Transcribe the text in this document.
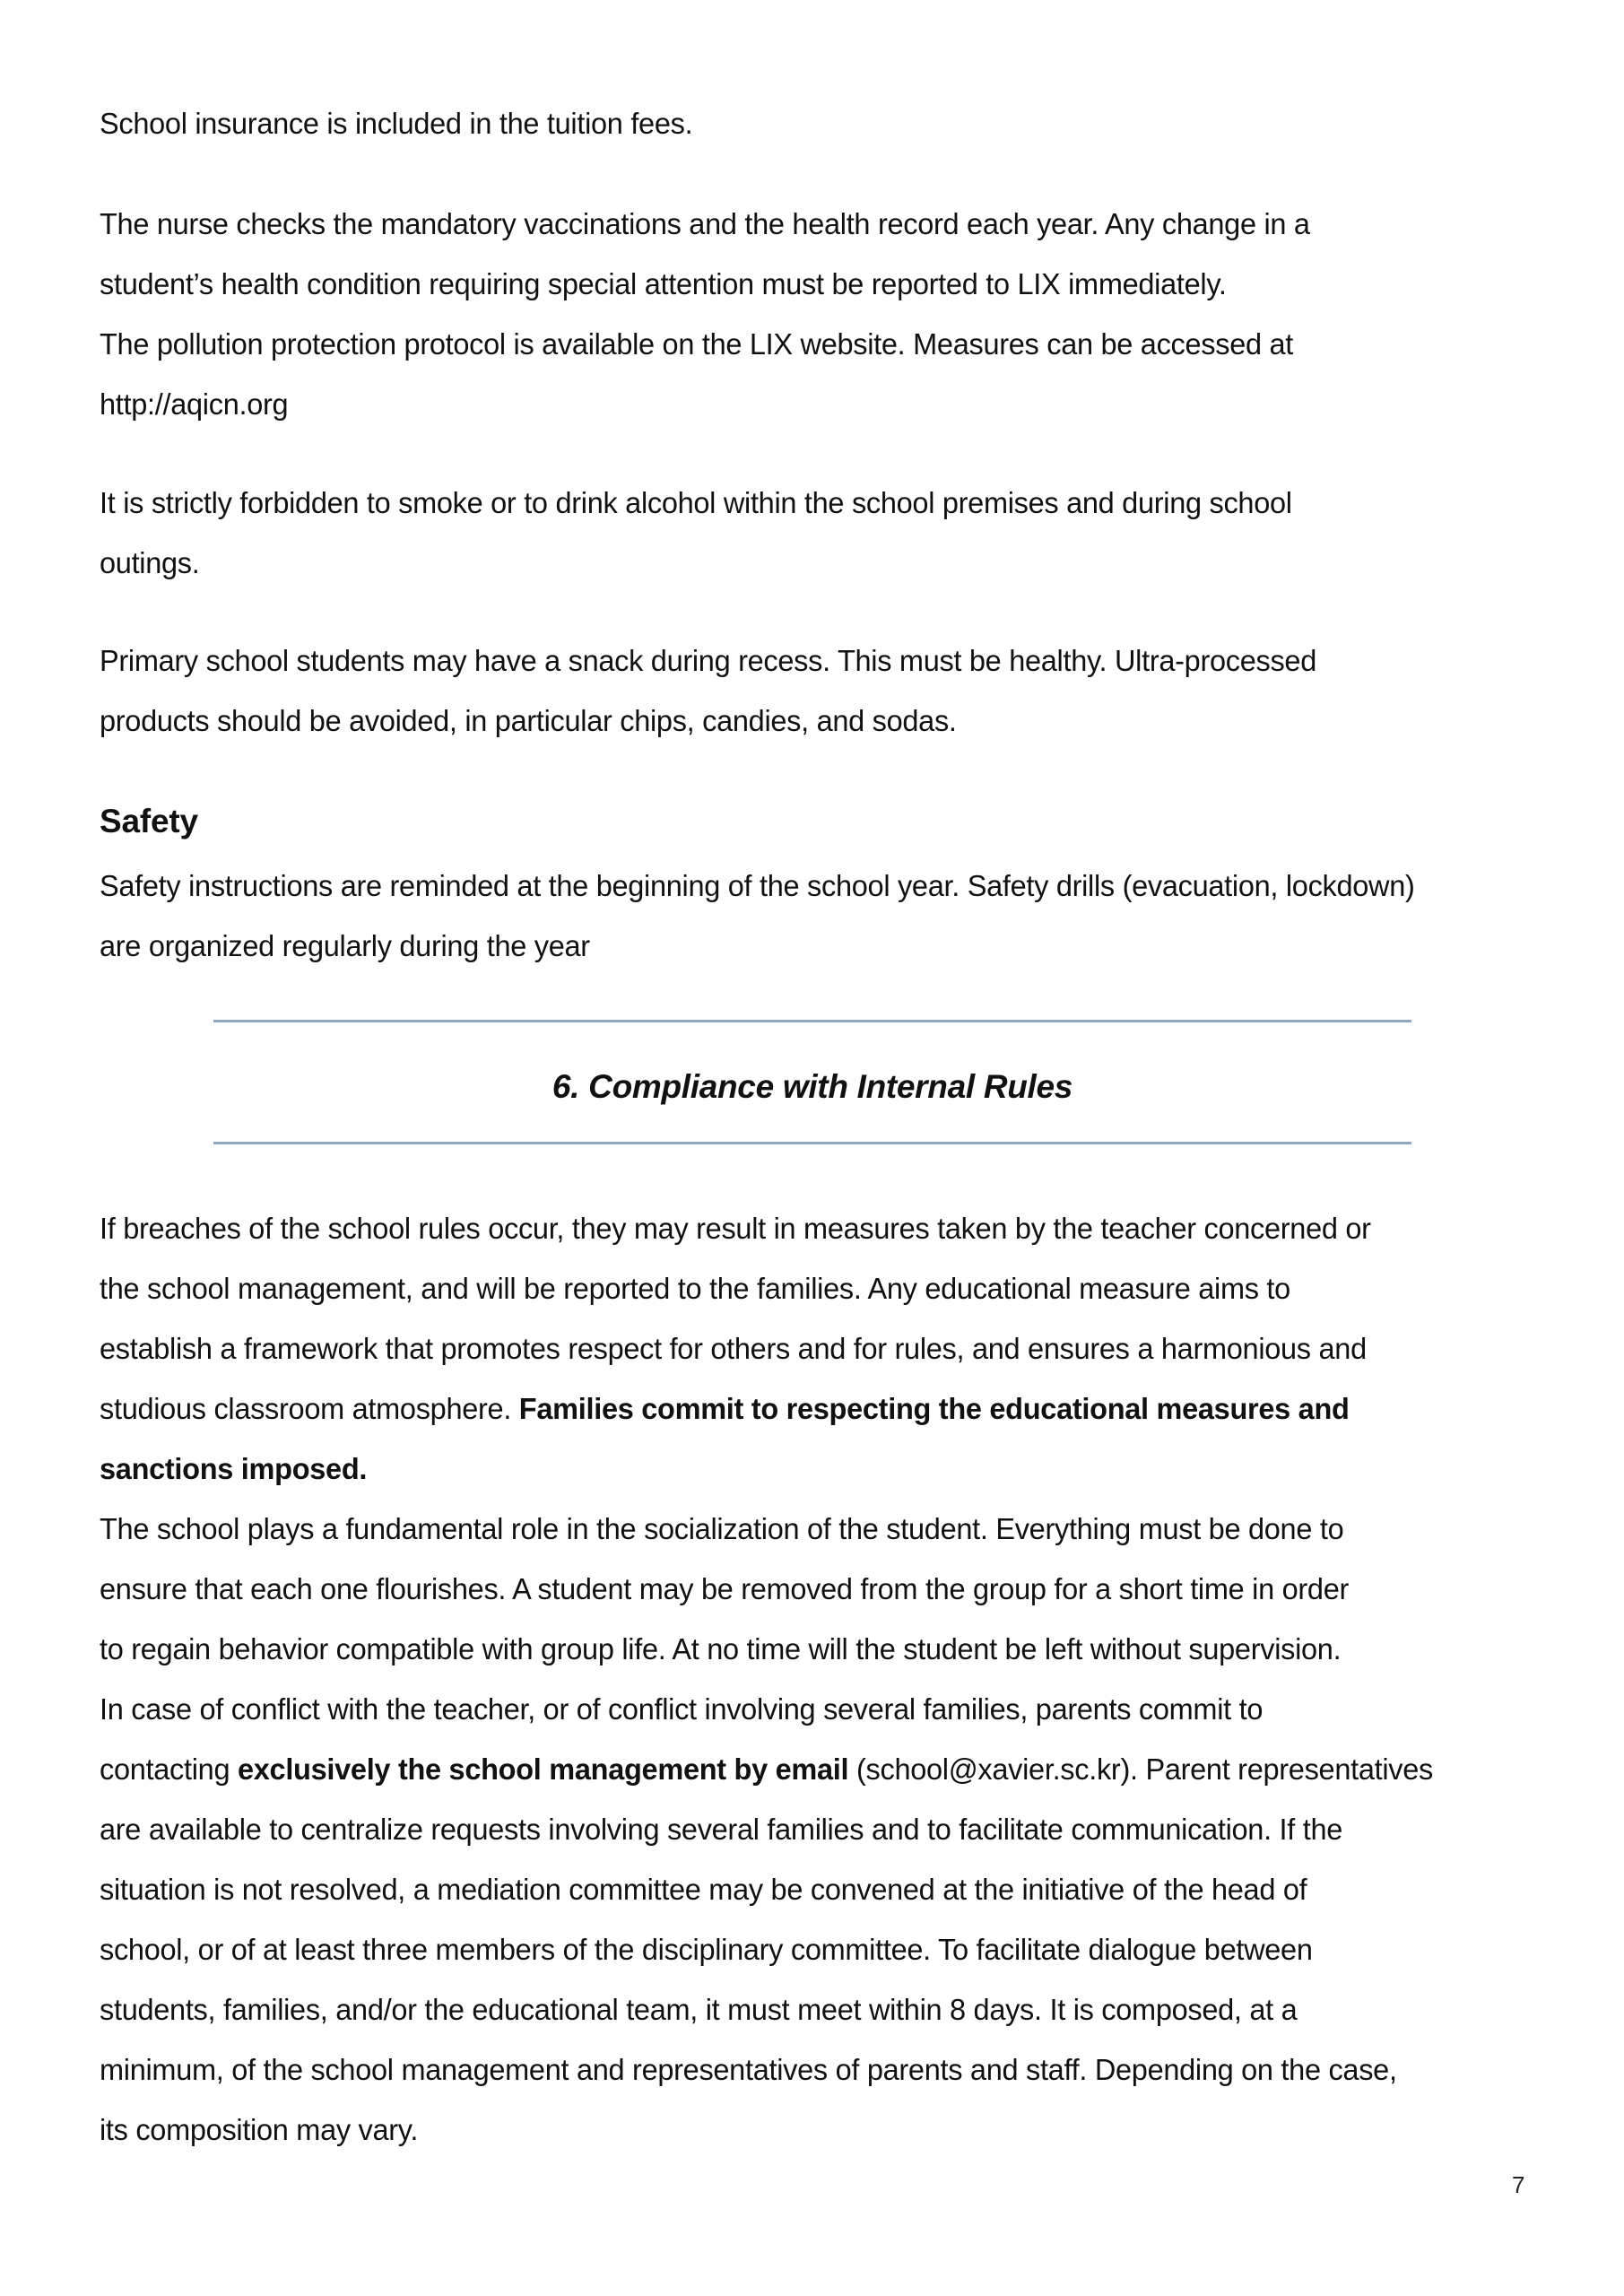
School insurance is included in the tuition fees.
The nurse checks the mandatory vaccinations and the health record each year. Any change in a
student’s health condition requiring special attention must be reported to LIX immediately.
The pollution protection protocol is available on the LIX website. Measures can be accessed at
http://aqicn.org
It is strictly forbidden to smoke or to drink alcohol within the school premises and during school
outings.
Primary school students may have a snack during recess. This must be healthy. Ultra-processed
products should be avoided, in particular chips, candies, and sodas.
Safety
Safety instructions are reminded at the beginning of the school year. Safety drills (evacuation, lockdown)
are organized regularly during the year
6. Compliance with Internal Rules
If breaches of the school rules occur, they may result in measures taken by the teacher concerned or
the school management, and will be reported to the families. Any educational measure aims to
establish a framework that promotes respect for others and for rules, and ensures a harmonious and
studious classroom atmosphere. Families commit to respecting the educational measures and
sanctions imposed.
The school plays a fundamental role in the socialization of the student. Everything must be done to
ensure that each one flourishes. A student may be removed from the group for a short time in order
to regain behavior compatible with group life. At no time will the student be left without supervision.
In case of conflict with the teacher, or of conflict involving several families, parents commit to
contacting exclusively the school management by email (school@xavier.sc.kr). Parent representatives
are available to centralize requests involving several families and to facilitate communication. If the
situation is not resolved, a mediation committee may be convened at the initiative of the head of
school, or of at least three members of the disciplinary committee. To facilitate dialogue between
students, families, and/or the educational team, it must meet within 8 days. It is composed, at a
minimum, of the school management and representatives of parents and staff. Depending on the case,
its composition may vary.
7
